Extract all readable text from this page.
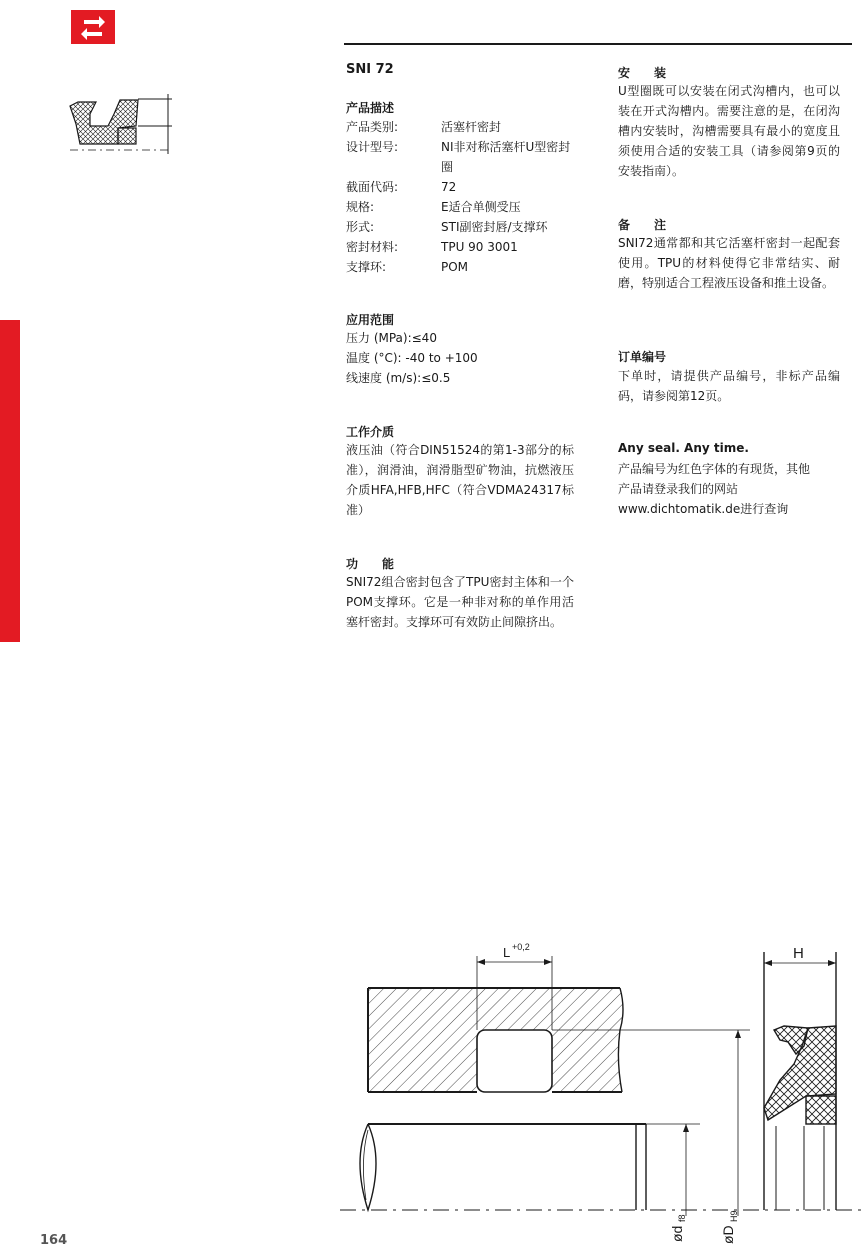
164
SNI 72
产品描述
产品类别:	活塞杆密封
设计型号:	NI非对称活塞杆U型密封圈
截面代码:	72
规格:	E适合单侧受压
形式:	STI副密封唇/支撑环
密封材料:	TPU 90 3001
支撑环:	POM
应用范围
压力 (MPa):≤40
温度 (°C): -40 to +100
线速度 (m/s):≤0.5
工作介质
液压油（符合DIN51524的第1-3部分的标准），润滑油，润滑脂型矿物油，抗燃液压介质HFA,HFB,HFC（符合VDMA24317标准）
功　　能
SNI72组合密封包含了TPU密封主体和一个POM支撑环。它是一种非对称的单作用活塞杆密封。支撑环可有效防止间隙挤出。
安　　装
U型圈既可以安装在闭式沟槽内，也可以装在开式沟槽内。需要注意的是，在闭沟槽内安装时，沟槽需要具有最小的宽度且须使用合适的安装工具（请参阅第9页的安装指南）。
备　　注
SNI72通常都和其它活塞杆密封一起配套使用。TPU的材料使得它非常结实、耐磨，特别适合工程液压设备和推土设备。
订单编号
下单时，请提供产品编号，非标产品编码，请参阅第12页。
Any seal. Any time.
产品编号为红色字体的有现货，其他
产品请登录我们的网站
www.dichtomatik.de进行查询
L +0,2
ød
f8
øD
H9
H
